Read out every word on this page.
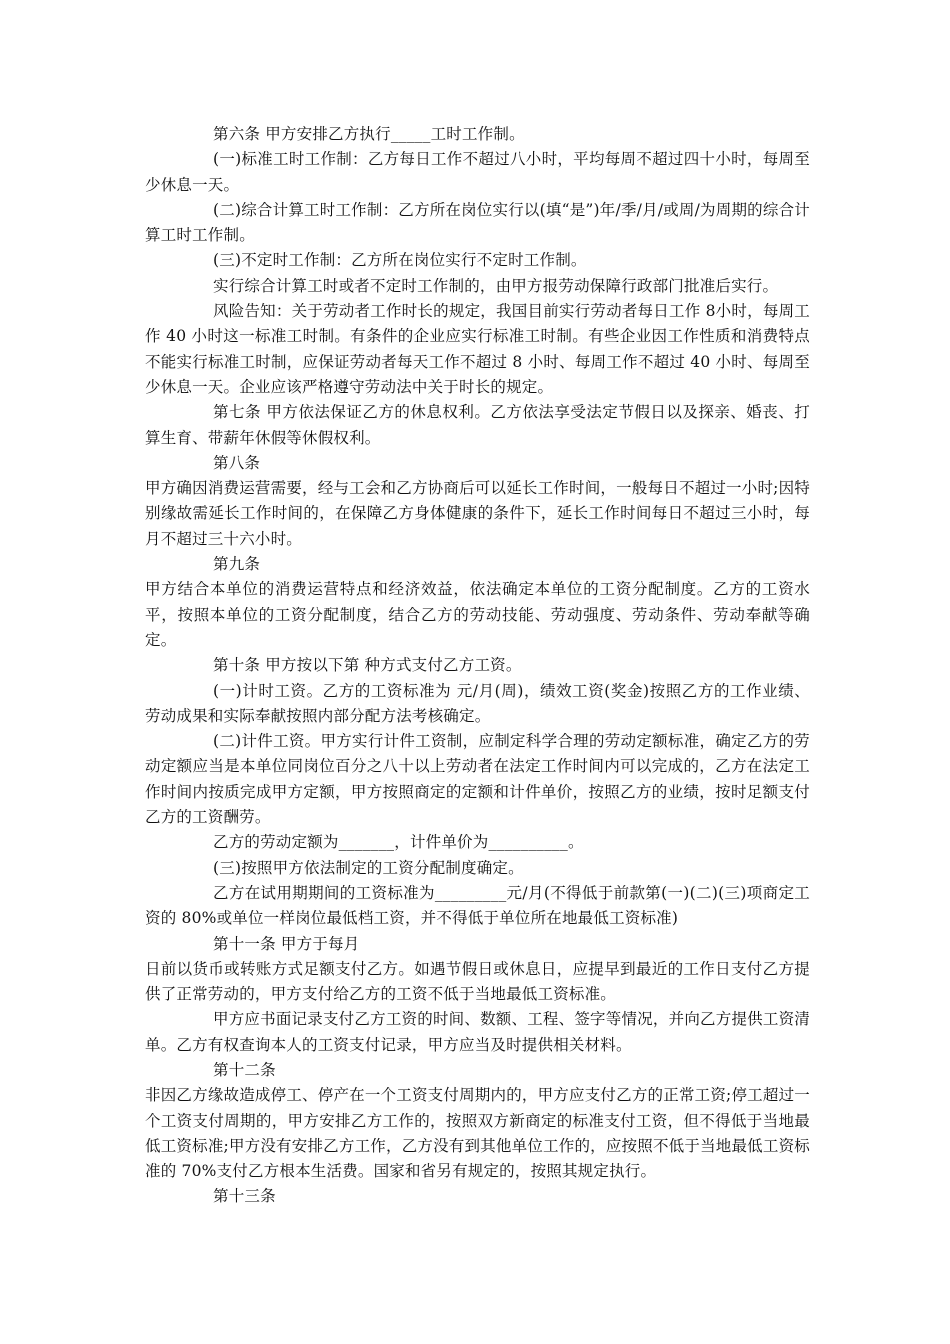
第六条 甲方安排乙方执行_____工时工作制。

(一)标准工时工作制：乙方每日工作不超过八小时，平均每周不超过四十小时，每周至少休息一天。

(二)综合计算工时工作制：乙方所在岗位实行以(填“是”)年/季/月/或周/为周期的综合计算工时工作制。

(三)不定时工作制：乙方所在岗位实行不定时工作制。

实行综合计算工时或者不定时工作制的，由甲方报劳动保障行政部门批准后实行。

风险告知：关于劳动者工作时长的规定，我国目前实行劳动者每日工作 8小时，每周工作 40 小时这一标准工时制。有条件的企业应实行标准工时制。有些企业因工作性质和消费特点不能实行标准工时制，应保证劳动者每天工作不超过 8 小时、每周工作不超过 40 小时、每周至少休息一天。企业应该严格遵守劳动法中关于时长的规定。

第七条 甲方依法保证乙方的休息权利。乙方依法享受法定节假日以及探亲、婚丧、打算生育、带薪年休假等休假权利。

第八条

甲方确因消费运营需要，经与工会和乙方协商后可以延长工作时间，一般每日不超过一小时;因特别缘故需延长工作时间的，在保障乙方身体健康的条件下，延长工作时间每日不超过三小时，每月不超过三十六小时。

第九条

甲方结合本单位的消费运营特点和经济效益，依法确定本单位的工资分配制度。乙方的工资水平，按照本单位的工资分配制度，结合乙方的劳动技能、劳动强度、劳动条件、劳动奉献等确定。

第十条 甲方按以下第 种方式支付乙方工资。

(一)计时工资。乙方的工资标准为 元/月(周)，绩效工资(奖金)按照乙方的工作业绩、劳动成果和实际奉献按照内部分配方法考核确定。

(二)计件工资。甲方实行计件工资制，应制定科学合理的劳动定额标准，确定乙方的劳动定额应当是本单位同岗位百分之八十以上劳动者在法定工作时间内可以完成的，乙方在法定工作时间内按质完成甲方定额，甲方按照商定的定额和计件单价，按照乙方的业绩，按时足额支付乙方的工资酬劳。

乙方的劳动定额为_______，计件单价为__________。

(三)按照甲方依法制定的工资分配制度确定。

乙方在试用期期间的工资标准为_________元/月(不得低于前款第(一)(二)(三)项商定工资的 80%或单位一样岗位最低档工资，并不得低于单位所在地最低工资标准)

第十一条 甲方于每月

日前以货币或转账方式足额支付乙方。如遇节假日或休息日，应提早到最近的工作日支付乙方提供了正常劳动的，甲方支付给乙方的工资不低于当地最低工资标准。

甲方应书面记录支付乙方工资的时间、数额、工程、签字等情况，并向乙方提供工资清单。乙方有权查询本人的工资支付记录，甲方应当及时提供相关材料。

第十二条

非因乙方缘故造成停工、停产在一个工资支付周期内的，甲方应支付乙方的正常工资;停工超过一个工资支付周期的，甲方安排乙方工作的，按照双方新商定的标准支付工资，但不得低于当地最低工资标准;甲方没有安排乙方工作，乙方没有到其他单位工作的，应按照不低于当地最低工资标准的 70%支付乙方根本生活费。国家和省另有规定的，按照其规定执行。

第十三条
